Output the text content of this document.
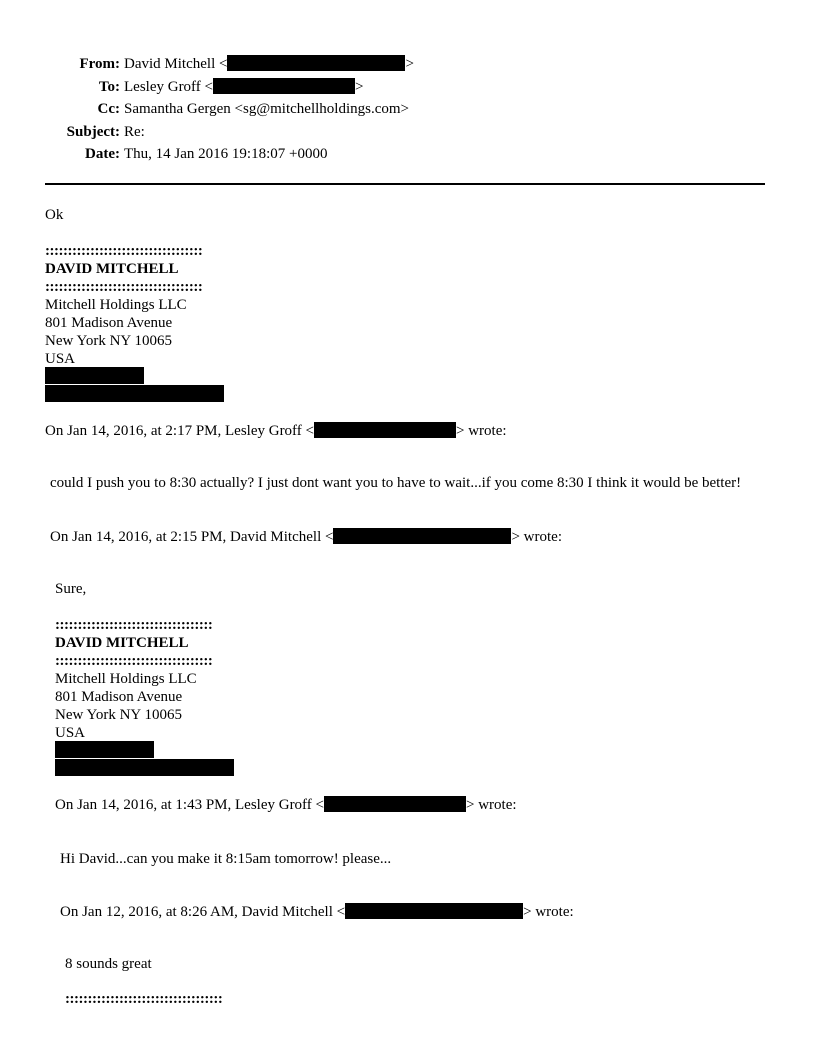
From: David Mitchell <	>
To: Lesley Groff <	>
Cc: Samantha Gergen <sg@mitchellholdings.com>
Subject: Re:
Date: Thu, 14 Jan 2016 19:18:07 +0000
Ok
:::::::::::::::::::::::::::::::::::
DAVID MITCHELL
:::::::::::::::::::::::::::::::::::
Mitchell Holdings LLC
801 Madison Avenue
New York NY 10065
USA
On Jan 14, 2016, at 2:17 PM, Lesley Groff <	> wrote:
could I push you to 8:30 actually? I just dont want you to have to wait...if you come 8:30 I think it would be better!
On Jan 14, 2016, at 2:15 PM, David Mitchell <	> wrote:
Sure,
:::::::::::::::::::::::::::::::::::
DAVID MITCHELL
:::::::::::::::::::::::::::::::::::
Mitchell Holdings LLC
801 Madison Avenue
New York NY 10065
USA
On Jan 14, 2016, at 1:43 PM, Lesley Groff <	> wrote:
Hi David...can you make it 8:15am tomorrow! please...
On Jan 12, 2016, at 8:26 AM, David Mitchell <	> wrote:
8 sounds great
:::::::::::::::::::::::::::::::::::
